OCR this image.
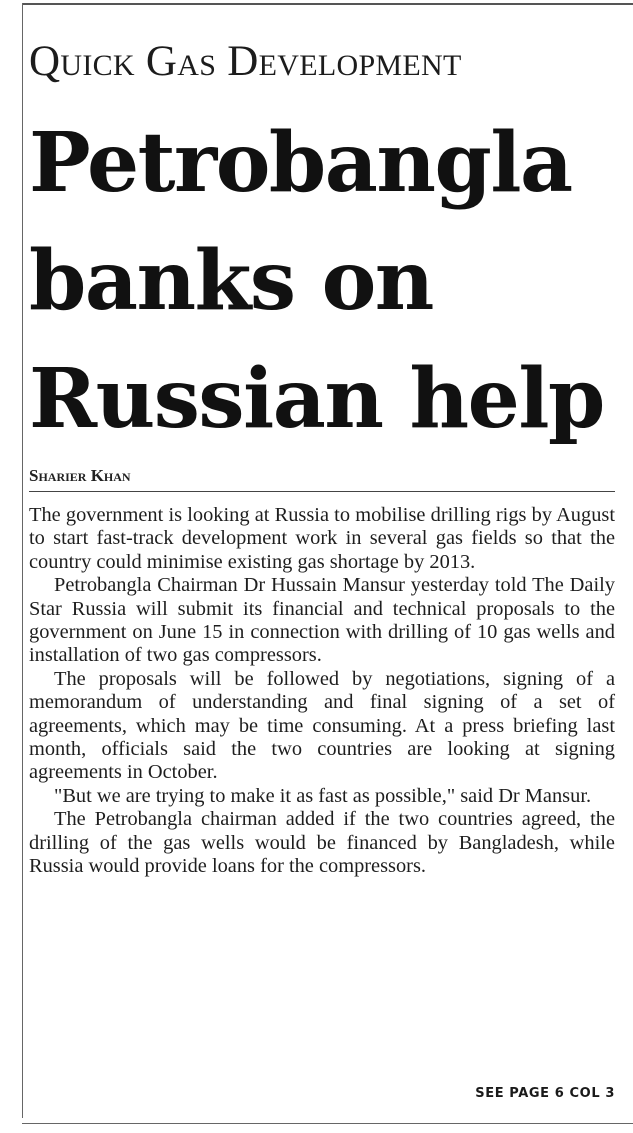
Quick Gas Development
Petrobangla
banks on
Russian help
Sharier Khan

The government is looking at Russia to mobilise drilling rigs by August to start fast-track development work in several gas fields so that the country could minimise existing gas shortage by 2013.

Petrobangla Chairman Dr Hussain Mansur yesterday told The Daily Star Russia will submit its financial and technical proposals to the government on June 15 in connection with drilling of 10 gas wells and installation of two gas compressors.

The proposals will be followed by negotiations, signing of a memorandum of understanding and final signing of a set of agreements, which may be time consuming. At a press briefing last month, officials said the two countries are looking at signing agreements in October.

"But we are trying to make it as fast as possible," said Dr Mansur.

The Petrobangla chairman added if the two countries agreed, the drilling of the gas wells would be financed by Bangladesh, while Russia would provide loans for the compressors.

SEE PAGE 6 COL 3
